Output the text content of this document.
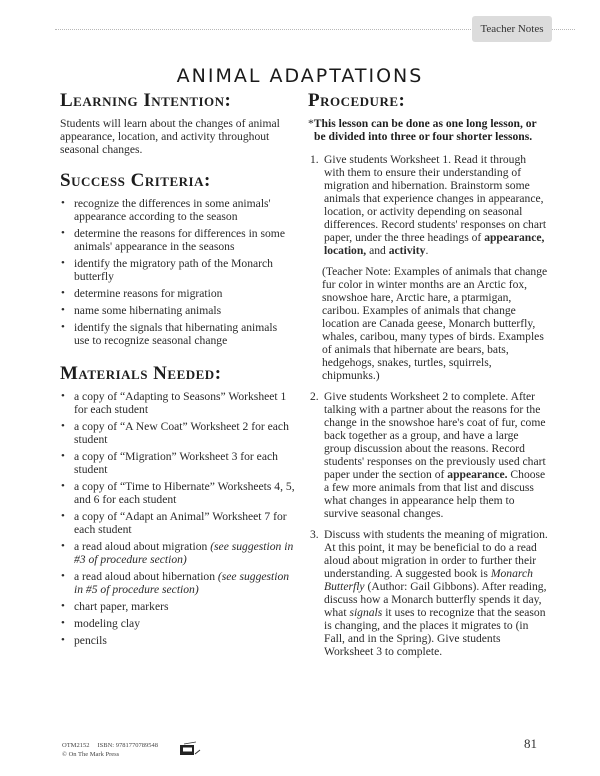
Teacher Notes
ANIMAL ADAPTATIONS
Learning Intention:

Students will learn about the changes of animal appearance, location, and activity throughout seasonal changes.

Success Criteria:
• recognize the differences in some animals' appearance according to the season
• determine the reasons for differences in some animals' appearance in the seasons
• identify the migratory path of the Monarch butterfly
• determine reasons for migration
• name some hibernating animals
• identify the signals that hibernating animals use to recognize seasonal change
Materials Needed:
• a copy of “Adapting to Seasons” Worksheet 1 for each student
• a copy of “A New Coat” Worksheet 2 for each student
• a copy of “Migration” Worksheet 3 for each student
• a copy of “Time to Hibernate” Worksheets 4, 5, and 6 for each student
• a copy of “Adapt an Animal” Worksheet 7 for each student
• a read aloud about migration (see suggestion in #3 of procedure section)
• a read aloud about hibernation (see suggestion in #5 of procedure section)
• chart paper, markers
• modeling clay
• pencils
Procedure:
*This lesson can be done as one long lesson, or
be divided into three or four shorter lessons.
1. Give students Worksheet 1. Read it through with them to ensure their understanding of migration and hibernation. Brainstorm some animals that experience changes in appearance, location, or activity depending on seasonal differences. Record students' responses on chart paper, under the three headings of appearance, location, and activity.
(Teacher Note: Examples of animals that change fur color in winter months are an Arctic fox, snowshoe hare, Arctic hare, a ptarmigan, caribou. Examples of animals that change location are Canada geese, Monarch butterfly, whales, caribou, many types of birds. Examples of animals that hibernate are bears, bats, hedgehogs, snakes, turtles, squirrels, chipmunks.)
2. Give students Worksheet 2 to complete. After talking with a partner about the reasons for the change in the snowshoe hare's coat of fur, come back together as a group, and have a large group discussion about the reasons. Record students' responses on the previously used chart paper under the section of appearance. Choose a few more animals from that list and discuss what changes in appearance help them to survive seasonal changes.
3. Discuss with students the meaning of migration. At this point, it may be beneficial to do a read aloud about migration in order to further their understanding. A suggested book is Monarch Butterfly (Author: Gail Gibbons). After reading, discuss how a Monarch butterfly spends it day, what signals it uses to recognize that the season is changing, and the places it migrates to (in Fall, and in the Spring). Give students Worksheet 3 to complete.
OTM2152 ISBN: 9781770789548
© On The Mark Press
81
